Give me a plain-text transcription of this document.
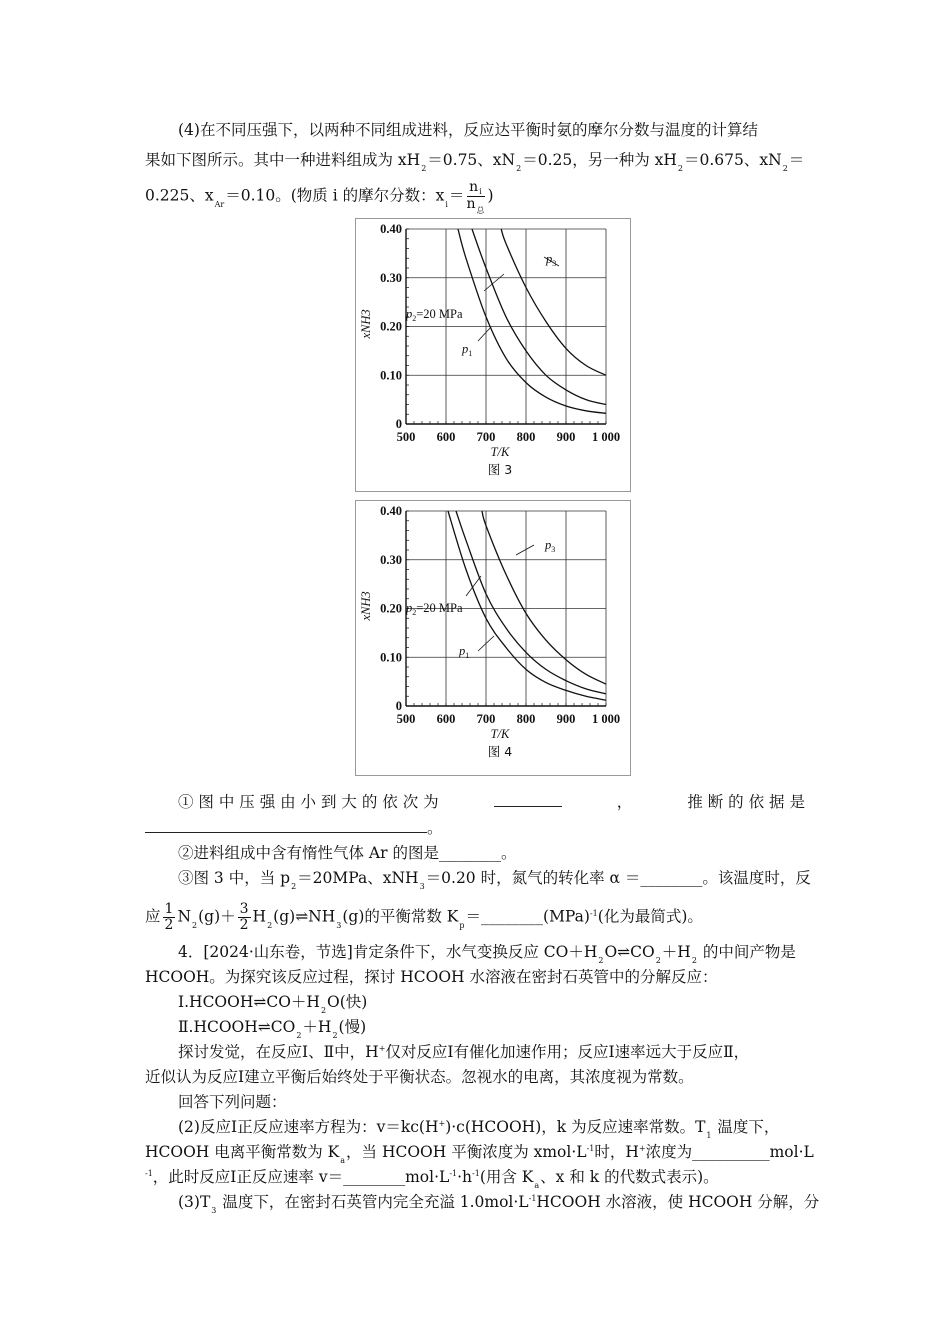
(4)在不同压强下，以两种不同组成进料，反应达平衡时氨的摩尔分数与温度的计算结
果如下图所示。其中一种进料组成为 $xH_2=0.75$、$xN_2=0.25$，另一种为 $xH_2=0.675$、$xN_2=$
0.225、$x_{Ar}=0.10$。(物质 i 的摩尔分数：$x_i= \frac{n_i}{n_总}$ )
500 600 700 800 900 1 000
0
0.10
0.20
0.30
0.40
T/K
xNH3
图 3
$p_3$
$p_2=20$ MPa
$p_1$
500 600 700 800 900 1 000
0
0.10
0.20
0.30
0.40
T/K
xNH3
图 4
$p_3$
$p_2=20$ MPa
$p_1$
① 图 中 压 强 由 小 到 大 的 依 次 为	，	推 断 的 依 据 是
。
②进料组成中含有惰性气体 Ar 的图是________。
③图 3 中，当 $p_2=20MPa$、xNH$_3$＝0.20 时，氮气的转化率 α ＝________。该温度时，反
应 $\frac{1}{2} N_2(g)+ \frac{3}{2}$ $H_2(g)\rightleftharpoons NH_3(g)$的平衡常数 $K_p=\_\_\_\_\_\_\_\_(MPa)^{-1}$(化为最简式)。
4．[2024·山东卷，节选]肯定条件下，水气变换反应 $CO+H_2O\rightleftharpoons CO_2+H_2$ 的中间产物是
HCOOH。为探究该反应过程，探讨 HCOOH 水溶液在密封石英管中的分解反应：
$Ⅰ.HCOOH\rightleftharpoons CO+H_2O$(快)
$Ⅱ.HCOOH\rightleftharpoons CO_2+H_2$(慢)
探讨发觉，在反应Ⅰ、Ⅱ中，H+仅对反应Ⅰ有催化加速作用；反应Ⅰ速率远大于反应Ⅱ，
近似认为反应Ⅰ建立平衡后始终处于平衡状态。忽视水的电离，其浓度视为常数。
回答下列问题：
(2)反应Ⅰ正反应速率方程为：v＝kc(H+)·c(HCOOH)，k 为反应速率常数。$T_1$ 温度下，
HCOOH 电离平衡常数为 $K_a$，当 HCOOH 平衡浓度为 $xmol\cdot L^{-1}$时，H+浓度为__________mol·L
$^{-1}$，此时反应Ⅰ正反应速率 $v=\_\_\_\_\_\_\_\_mol\cdot L^{-1}\cdot h^{-1}$(用含 $K_a$、x 和 k 的代数式表示)。
$(3)T_3$ 温度下，在密封石英管内完全充溢 $1.0mol\cdot L^{-1}HCOOH$ 水溶液，使 HCOOH 分解，分
